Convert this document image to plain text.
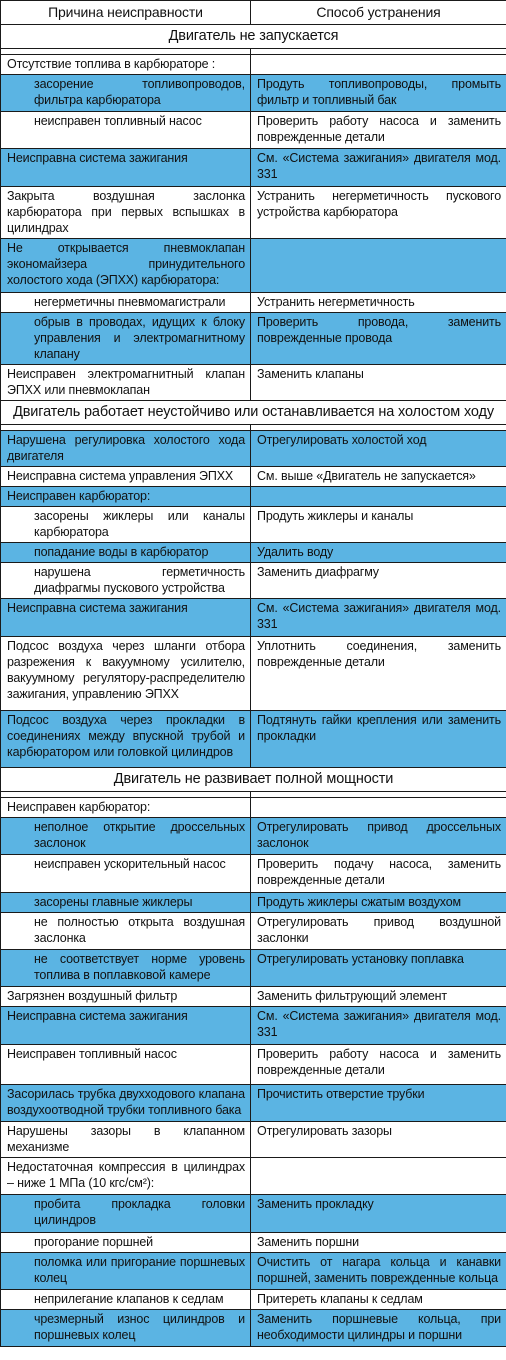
Причина неисправности	Способ устранения
Двигатель не запускается	

Отсутствие топлива в карбюраторе :	
засорение топливопроводов, фильтра карбюратора	Продуть топливопроводы, промыть фильтр и топливный бак
неисправен топливный насос	Проверить работу насоса и заменить поврежденные детали
Неисправна система зажигания	См. «Система зажигания» двигателя мод. 331
Закрыта воздушная заслонка карбюратора при первых вспышках в цилиндрах	Устранить негерметичность пускового устройства карбюратора
Не открывается пневмоклапан экономайзера принудительного холостого хода (ЭПХХ) карбюратора:	
негерметичны пневмомагистрали	Устранить негерметичность
обрыв в проводах, идущих к блоку управления и электромагнитному клапану	Проверить провода, заменить поврежденные провода
Неисправен электромагнитный клапан ЭПХХ или пневмоклапан	Заменить клапаны
Двигатель работает неустойчиво или останавливается на холостом ходу	

Нарушена регулировка холостого хода двигателя	Отрегулировать холостой ход
Неисправна система управления ЭПХХ	См. выше «Двигатель не запускается»
Неисправен карбюратор:	
засорены жиклеры или каналы карбюратора	Продуть жиклеры и каналы
попадание воды в карбюратор	Удалить воду
нарушена герметичность диафрагмы пускового устройства	Заменить диафрагму
Неисправна система зажигания	См. «Система зажигания» двигателя мод. 331
Подсос воздуха через шланги отбора разрежения к вакуумному усилителю, вакуумному регулятору-распределителю зажигания, управлению ЭПХХ	Уплотнить соединения, заменить поврежденные детали
Подсос воздуха через прокладки в соединениях между впускной трубой и карбюратором или головкой цилиндров	Подтянуть гайки крепления или заменить прокладки
Двигатель не развивает полной мощности	

Неисправен карбюратор:	
неполное открытие дроссельных заслонок	Отрегулировать привод дроссельных заслонок
неисправен ускорительный насос	Проверить подачу насоса, заменить поврежденные детали
засорены главные жиклеры	Продуть жиклеры сжатым воздухом
не полностью открыта воздушная заслонка	Отрегулировать привод воздушной заслонки
не соответствует норме уровень топлива в поплавковой камере	Отрегулировать установку поплавка
Загрязнен воздушный фильтр	Заменить фильтрующий элемент
Неисправна система зажигания	См. «Система зажигания» двигателя мод. 331
Неисправен топливный насос	Проверить работу насоса и заменить поврежденные детали
Засорилась трубка двухходового клапана воздухоотводной трубки топливного бака	Прочистить отверстие трубки
Нарушены зазоры в клапанном механизме	Отрегулировать зазоры
Недостаточная компрессия в цилиндрах – ниже 1 МПа (10 кгс/см²):	
пробита прокладка головки цилиндров	Заменить прокладку
прогорание поршней	Заменить поршни
поломка или пригорание поршневых колец	Очистить от нагара кольца и канавки поршней, заменить поврежденные кольца
неприлегание клапанов к седлам	Притереть клапаны к седлам
чрезмерный износ цилиндров и поршневых колец	Заменить поршневые кольца, при необходимости цилиндры и поршни
